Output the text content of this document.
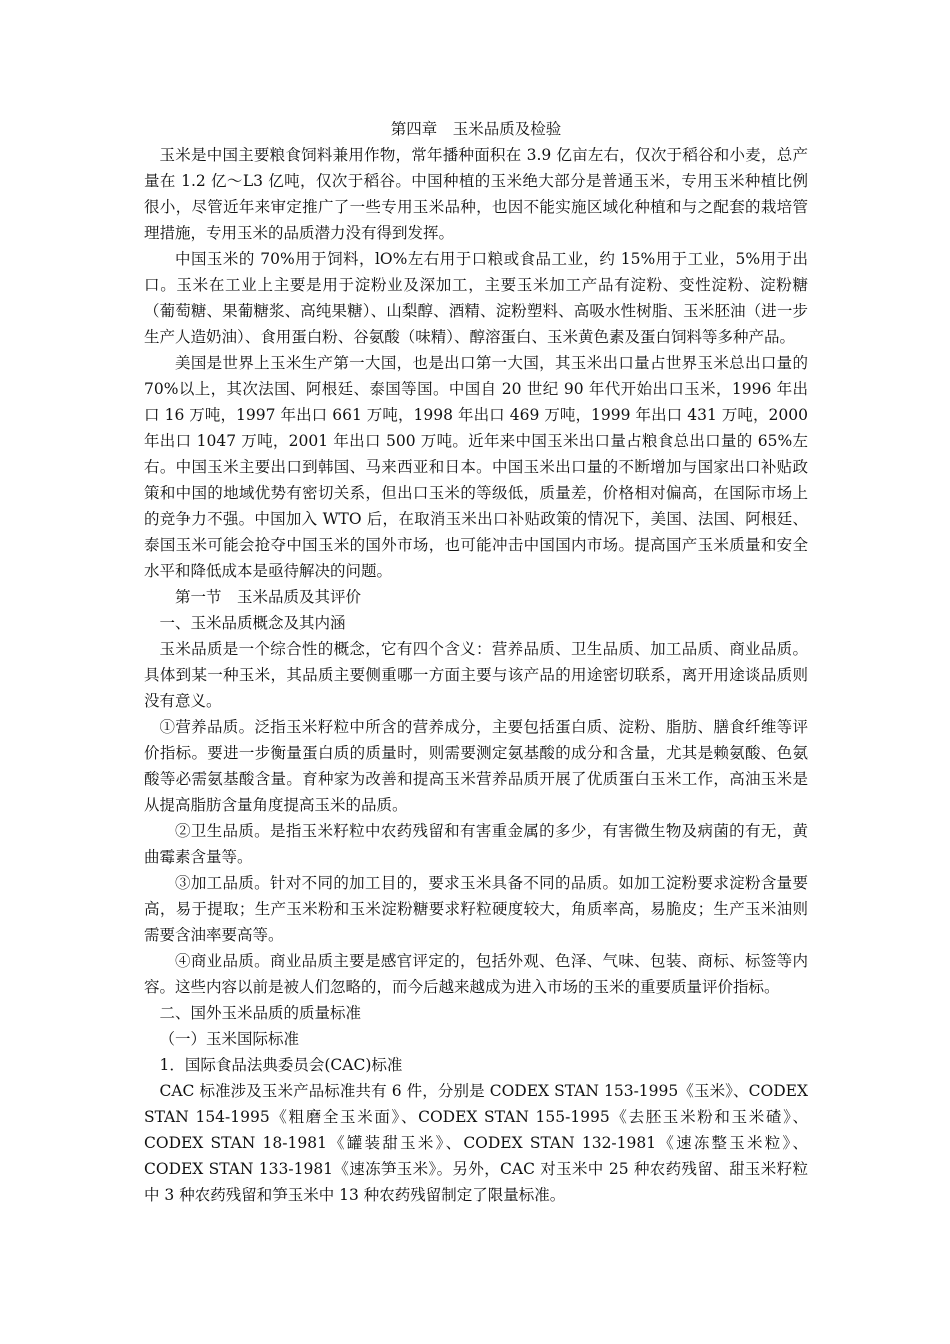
第四章　玉米品质及检验

玉米是中国主要粮食饲料兼用作物，常年播种面积在 3.9 亿亩左右，仅次于稻谷和小麦，总产量在 1.2 亿～L3 亿吨，仅次于稻谷。中国种植的玉米绝大部分是普通玉米，专用玉米种植比例很小，尽管近年来审定推广了一些专用玉米品种，也因不能实施区域化种植和与之配套的栽培管理措施，专用玉米的品质潜力没有得到发挥。

中国玉米的 70%用于饲料，lO%左右用于口粮或食品工业，约 15%用于工业，5%用于出口。玉米在工业上主要是用于淀粉业及深加工，主要玉米加工产品有淀粉、变性淀粉、淀粉糖（葡萄糖、果葡糖浆、高纯果糖）、山梨醇、酒精、淀粉塑料、高吸水性树脂、玉米胚油（进一步生产人造奶油）、食用蛋白粉、谷氨酸（味精）、醇溶蛋白、玉米黄色素及蛋白饲料等多种产品。

美国是世界上玉米生产第一大国，也是出口第一大国，其玉米出口量占世界玉米总出口量的 70%以上，其次法国、阿根廷、泰国等国。中国自 20 世纪 90 年代开始出口玉米，1996 年出口 16 万吨，1997 年出口 661 万吨，1998 年出口 469 万吨，1999 年出口 431 万吨，2000 年出口 1047 万吨，2001 年出口 500 万吨。近年来中国玉米出口量占粮食总出口量的 65%左右。中国玉米主要出口到韩国、马来西亚和日本。中国玉米出口量的不断增加与国家出口补贴政策和中国的地域优势有密切关系，但出口玉米的等级低，质量差，价格相对偏高，在国际市场上的竞争力不强。中国加入 WTO 后，在取消玉米出口补贴政策的情况下，美国、法国、阿根廷、泰国玉米可能会抢夺中国玉米的国外市场，也可能冲击中国国内市场。提高国产玉米质量和安全水平和降低成本是亟待解决的问题。

第一节　玉米品质及其评价

一、玉米品质概念及其内涵

玉米品质是一个综合性的概念，它有四个含义：营养品质、卫生品质、加工品质、商业品质。具体到某一种玉米，其品质主要侧重哪一方面主要与该产品的用途密切联系，离开用途谈品质则没有意义。

①营养品质。泛指玉米籽粒中所含的营养成分，主要包括蛋白质、淀粉、脂肪、膳食纤维等评价指标。要进一步衡量蛋白质的质量时，则需要测定氨基酸的成分和含量，尤其是赖氨酸、色氨酸等必需氨基酸含量。育种家为改善和提高玉米营养品质开展了优质蛋白玉米工作，高油玉米是从提高脂肪含量角度提高玉米的品质。

②卫生品质。是指玉米籽粒中农药残留和有害重金属的多少，有害微生物及病菌的有无，黄曲霉素含量等。

③加工品质。针对不同的加工目的，要求玉米具备不同的品质。如加工淀粉要求淀粉含量要高，易于提取；生产玉米粉和玉米淀粉糖要求籽粒硬度较大，角质率高，易脆皮；生产玉米油则需要含油率要高等。

④商业品质。商业品质主要是感官评定的，包括外观、色泽、气味、包装、商标、标签等内容。这些内容以前是被人们忽略的，而今后越来越成为进入市场的玉米的重要质量评价指标。

二、国外玉米品质的质量标准

（一）玉米国际标准

1．国际食品法典委员会(CAC)标准

CAC 标准涉及玉米产品标准共有 6 件，分别是 CODEX STAN 153-1995《玉米》、CODEX STAN 154-1995《粗磨全玉米面》、CODEX STAN 155-1995《去胚玉米粉和玉米碴》、CODEX STAN 18-1981《罐装甜玉米》、CODEX STAN 132-1981《速冻整玉米粒》、CODEX STAN 133-1981《速冻笋玉米》。另外，CAC 对玉米中 25 种农药残留、甜玉米籽粒中 3 种农药残留和笋玉米中 13 种农药残留制定了限量标准。
